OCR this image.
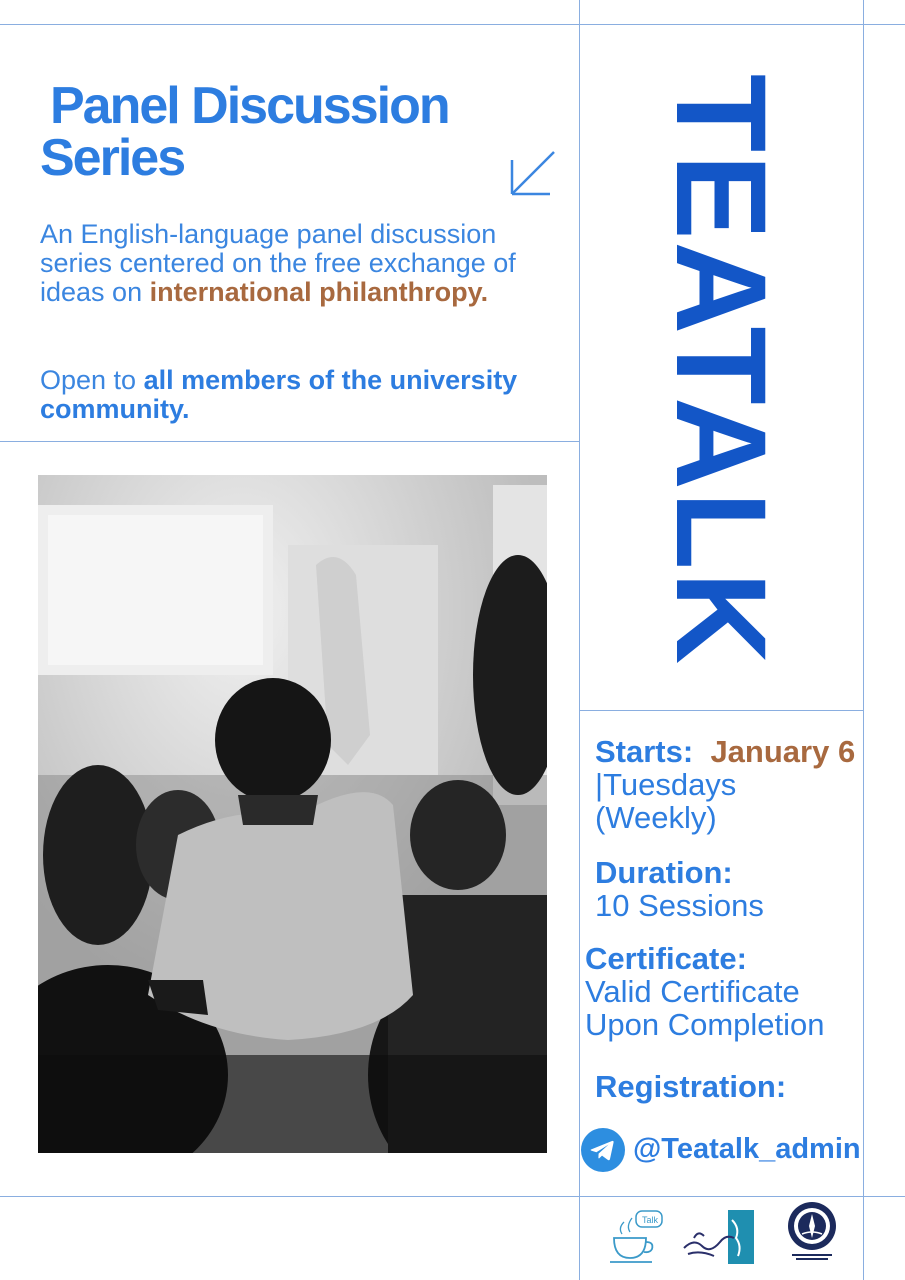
Panel Discussion
Series

An English-language panel discussion series centered on the free exchange of ideas on international philanthropy.

Open to all members of the university community.	TEATALK

Starts: January 6 |Tuesdays (Weekly)

Duration:
10 Sessions

Certificate:
Valid Certificate Upon Completion

Registration:

@Teatalk_admin

Talk
